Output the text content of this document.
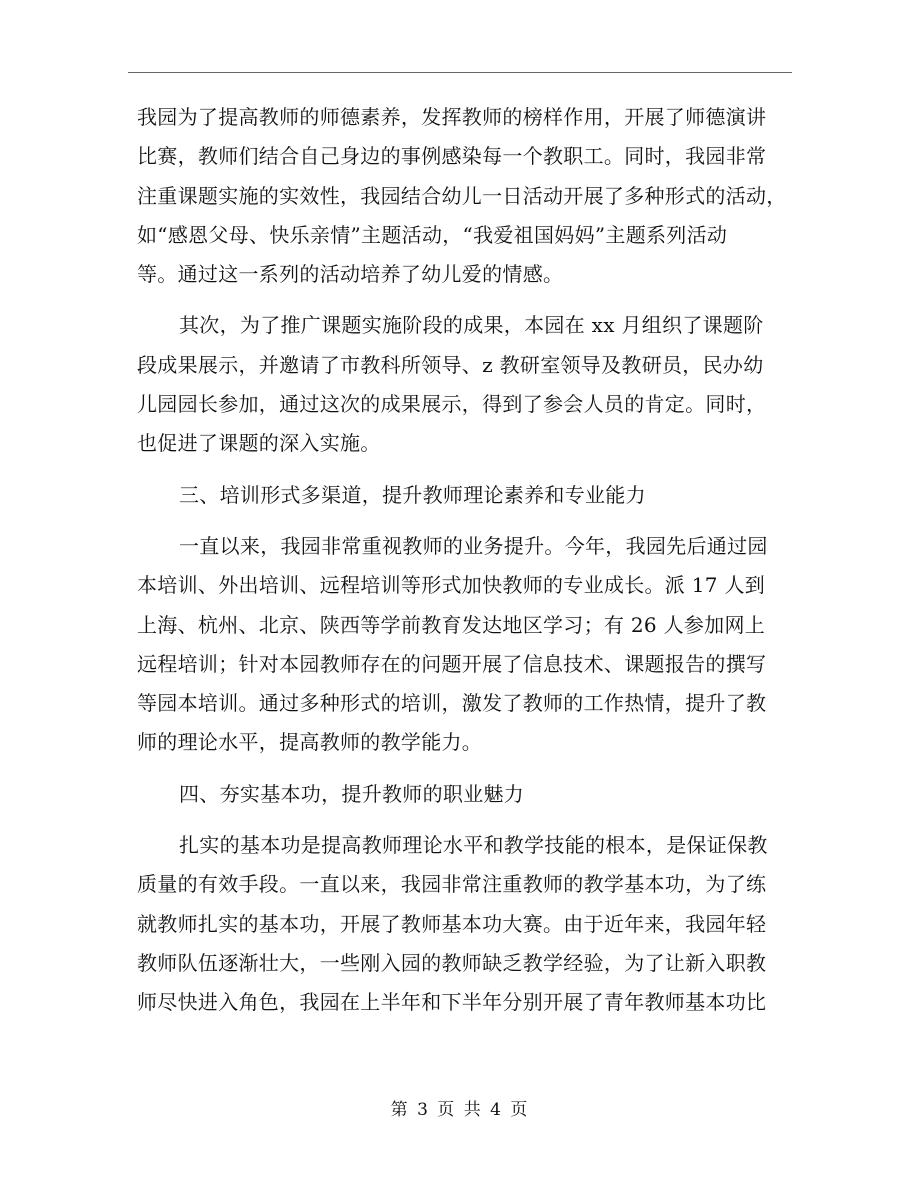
我园为了提高教师的师德素养，发挥教师的榜样作用，开展了师德演讲
比赛，教师们结合自己身边的事例感染每一个教职工。同时，我园非常
注重课题实施的实效性，我园结合幼儿一日活动开展了多种形式的活动，
如“感恩父母、快乐亲情”主题活动，“我爱祖国妈妈”主题系列活动
等。通过这一系列的活动培养了幼儿爱的情感。
其次，为了推广课题实施阶段的成果，本园在 xx 月组织了课题阶
段成果展示，并邀请了市教科所领导、z 教研室领导及教研员，民办幼
儿园园长参加，通过这次的成果展示，得到了参会人员的肯定。同时，
也促进了课题的深入实施。
三、培训形式多渠道，提升教师理论素养和专业能力
一直以来，我园非常重视教师的业务提升。今年，我园先后通过园
本培训、外出培训、远程培训等形式加快教师的专业成长。派 17 人到
上海、杭州、北京、陕西等学前教育发达地区学习；有 26 人参加网上
远程培训；针对本园教师存在的问题开展了信息技术、课题报告的撰写
等园本培训。通过多种形式的培训，激发了教师的工作热情，提升了教
师的理论水平，提高教师的教学能力。
四、夯实基本功，提升教师的职业魅力
扎实的基本功是提高教师理论水平和教学技能的根本，是保证保教
质量的有效手段。一直以来，我园非常注重教师的教学基本功，为了练
就教师扎实的基本功，开展了教师基本功大赛。由于近年来，我园年轻
教师队伍逐渐壮大，一些刚入园的教师缺乏教学经验，为了让新入职教
师尽快进入角色，我园在上半年和下半年分别开展了青年教师基本功比
第 3 页 共 4 页
